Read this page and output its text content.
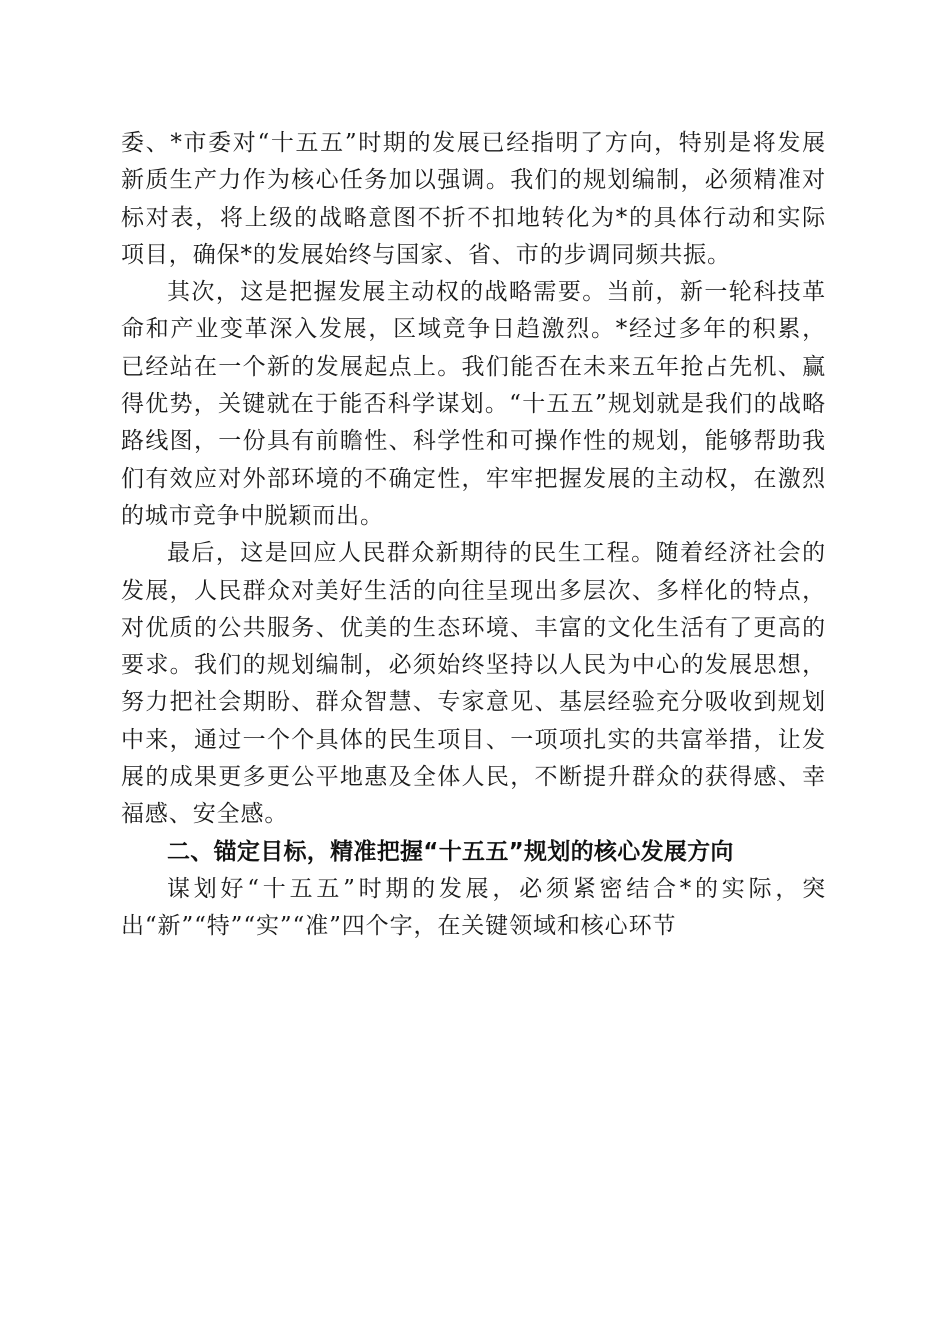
委、*市委对“十五五”时期的发展已经指明了方向，特别是将发展新质生产力作为核心任务加以强调。我们的规划编制，必须精准对标对表，将上级的战略意图不折不扣地转化为*的具体行动和实际项目，确保*的发展始终与国家、省、市的步调同频共振。

其次，这是把握发展主动权的战略需要。当前，新一轮科技革命和产业变革深入发展，区域竞争日趋激烈。*经过多年的积累，已经站在一个新的发展起点上。我们能否在未来五年抢占先机、赢得优势，关键就在于能否科学谋划。“十五五”规划就是我们的战略路线图，一份具有前瞻性、科学性和可操作性的规划，能够帮助我们有效应对外部环境的不确定性，牢牢把握发展的主动权，在激烈的城市竞争中脱颖而出。

最后，这是回应人民群众新期待的民生工程。随着经济社会的发展，人民群众对美好生活的向往呈现出多层次、多样化的特点，对优质的公共服务、优美的生态环境、丰富的文化生活有了更高的要求。我们的规划编制，必须始终坚持以人民为中心的发展思想，努力把社会期盼、群众智慧、专家意见、基层经验充分吸收到规划中来，通过一个个具体的民生项目、一项项扎实的共富举措，让发展的成果更多更公平地惠及全体人民，不断提升群众的获得感、幸福感、安全感。

二、锚定目标，精准把握“十五五”规划的核心发展方向

谋划好“十五五”时期的发展，必须紧密结合*的实际，突出“新”“特”“实”“准”四个字，在关键领域和核心环节
